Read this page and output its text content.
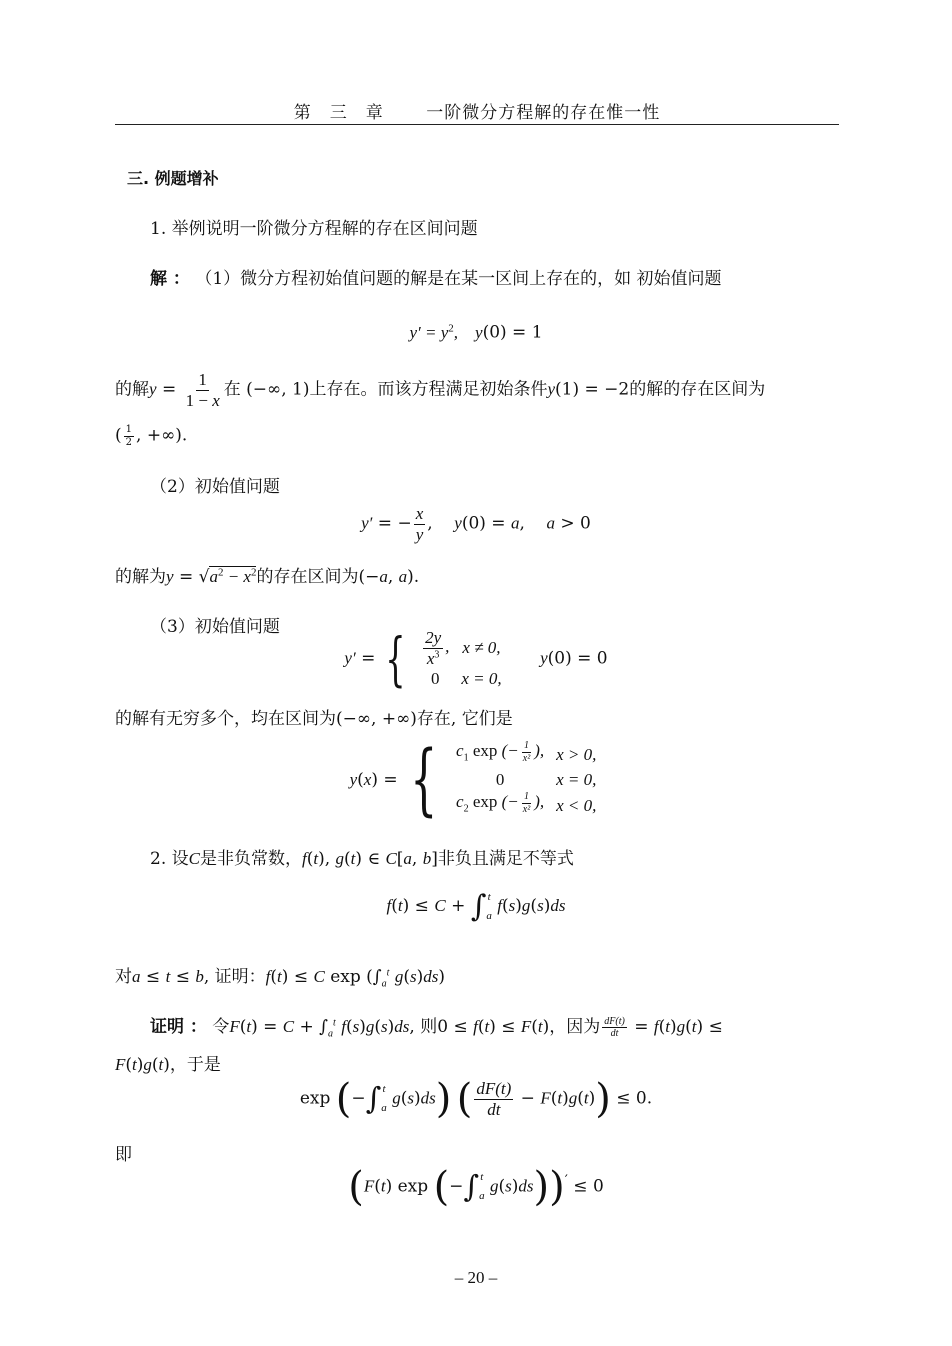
第　三　章　　 一阶微分方程解的存在惟一性
三. 例题增补
1. 举例说明一阶微分方程解的存在区间问题
解 ： （1）微分方程初始值问题的解是在某一区间上存在的，如 初始值问题
$y' = y^2$,    y(0) = 1
的解$y = \frac{1}{1 - x}$ 在 (−∞, 1)上存在。而该方程满足初始条件y(1) = −2的解的存在区间为
( $\frac{1}{2}$ , +∞).
（2）初始值问题
y′ = − $\frac{x}{y}$ ,    y(0) = a,    a > 0
的解为$y = √a^2 - x^2$的存在区间为(−a, a).
（3）初始值问题
y′ = { $\frac{2y}{x^3}$ ,	x ≠ 0,
0	x = 0,      y(0) = 0
的解有无穷多个，均在区间为(−∞, +∞)存在, 它们是
y(x) = { $c_1$ exp (− $\frac{1}{\text{x²}}$ ),	x > 0,
0	x = 0,
$c_2$ exp (− $\frac{1}{\text{x²}}$ ),	x < 0,
2. 设C是非负常数，f(t), g(t) ∈ C[a, b]非负且满足不等式
f(t) ≤ C + ∫ t
a
f(s)g(s)ds
对a ≤ t ≤ b, 证明：f(t) ≤ C $\exp (\int_a^t$ g(s)ds)
证明 ： 令$F(t) = C + \int_a^t$ f(s)g(s)ds, 则0 ≤ f(t) ≤ F(t)，因为 $\frac{dF(t)}{dt} = f(t)g(t)$ ≤
F(t)g(t)，于是
exp (−∫ t
a
g(s)ds) ( $\frac{dF(t)}{dt} - F(t)g(t)) \le 0$.
即
(F(t) exp (−∫ t
a
g(s)ds))′ ≤ 0
– 20 –
